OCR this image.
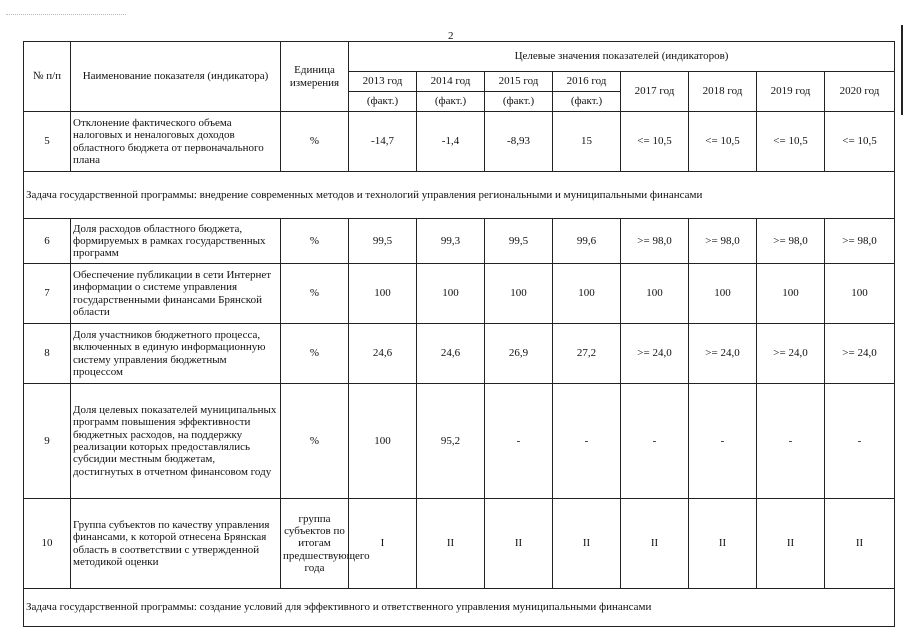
2
№ п/п	Наименование показателя (индикатора)	Единица измерения	Целевые значения показателей (индикаторов)							
			2013 год	2014 год	2015 год	2016 год	2017 год	2018 год	2019 год	2020 год
			(факт.)	(факт.)	(факт.)	(факт.)				
5	Отклонение фактического объема налоговых и неналоговых доходов областного бюджета от первоначального плана	%	-14,7	-1,4	-8,93	15	<= 10,5	<= 10,5	<= 10,5	<= 10,5
Задача государственной программы: внедрение современных методов и технологий управления региональными и муниципальными финансами										
6	Доля расходов областного бюджета, формируемых в рамках государственных программ	%	99,5	99,3	99,5	99,6	>= 98,0	>= 98,0	>= 98,0	>= 98,0
7	Обеспечение публикации в сети Интернет информации о системе управления государственными финансами Брянской области	%	100	100	100	100	100	100	100	100
8	Доля участников бюджетного процесса, включенных в единую информационную систему управления бюджетным процессом	%	24,6	24,6	26,9	27,2	>= 24,0	>= 24,0	>= 24,0	>= 24,0
9	Доля целевых показателей муниципальных программ повышения эффективности бюджетных расходов, на поддержку реализации которых предоставлялись субсидии местным бюджетам, достигнутых в отчетном финансовом году	%	100	95,2	-	-	-	-	-	-
10	Группа субъектов по качеству управления финансами, к которой отнесена Брянская область в соответствии с утвержденной методикой оценки	группа субъектов по итогам предшествующего года	I	II	II	II	II	II	II	II
Задача государственной программы: создание условий для эффективного и ответственного управления муниципальными финансами										
